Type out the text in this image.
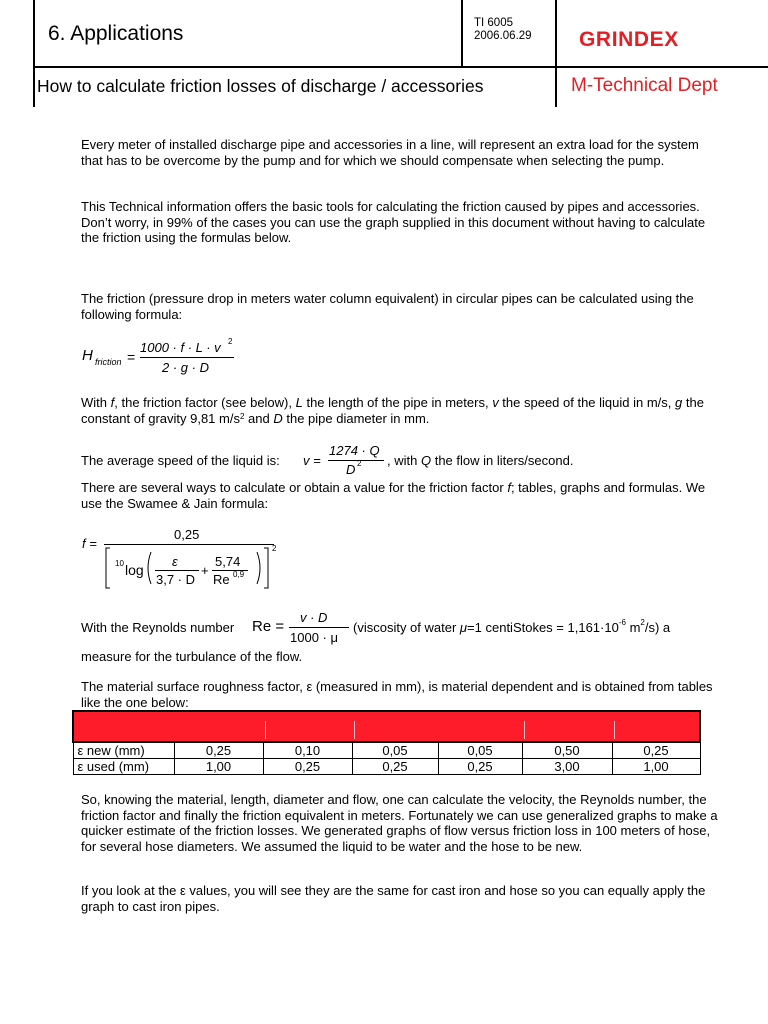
6. Applications	TI 6005
2006.06.29 GRINDEX
How to calculate friction losses of discharge / accessories	M-Technical Dept

Every meter of installed discharge pipe and accessories in a line, will represent an extra load for the system that has to be overcome by the pump and for which we should compensate when selecting the pump.

This Technical information offers the basic tools for calculating the friction caused by pipes and accessories. Don’t worry, in 99% of the cases you can use the graph supplied in this document without having to calculate the friction using the formulas below.

The friction (pressure drop in meters water column equivalent) in circular pipes can be calculated using the following formula:

H friction =
1000 · f · L · v 2
2 · g · D

With f, the friction factor (see below), L the length of the pipe in meters, v the speed of the liquid in m/s, g the constant of gravity 9,81 $m/s^2$ and D the pipe diameter in mm.

The average speed of the liquid is: v =
1274 · Q
D 2 , with Q the flow in liters/second.

There are several ways to calculate or obtain a value for the friction factor f; tables, graphs and formulas. We use the Swamee & Jain formula:

f =
0,25
10 log
ε
3,7 · D
+
5,74
Re 0,9
2
With the Reynolds number Re =
v · D
1000 · μ
(viscosity of water μ=1 centiStokes = $1,161\cdot 10^{-6}$ $m^2/s$) a

measure for the turbulance of the flow.

The material surface roughness factor, ε (measured in mm), is material dependent and is obtained from tables like the one below:

ε new (mm)	0,25	0,10	0,05	0,05	0,50	0,25
ε used (mm)	1,00	0,25	0,25	0,25	3,00	1,00

So, knowing the material, length, diameter and flow, one can calculate the velocity, the Reynolds number, the friction factor and finally the friction equivalent in meters. Fortunately we can use generalized graphs to make a quicker estimate of the friction losses. We generated graphs of flow versus friction loss in 100 meters of hose, for several hose diameters. We assumed the liquid to be water and the hose to be new.

If you look at the ε values, you will see they are the same for cast iron and hose so you can equally apply the graph to cast iron pipes.
